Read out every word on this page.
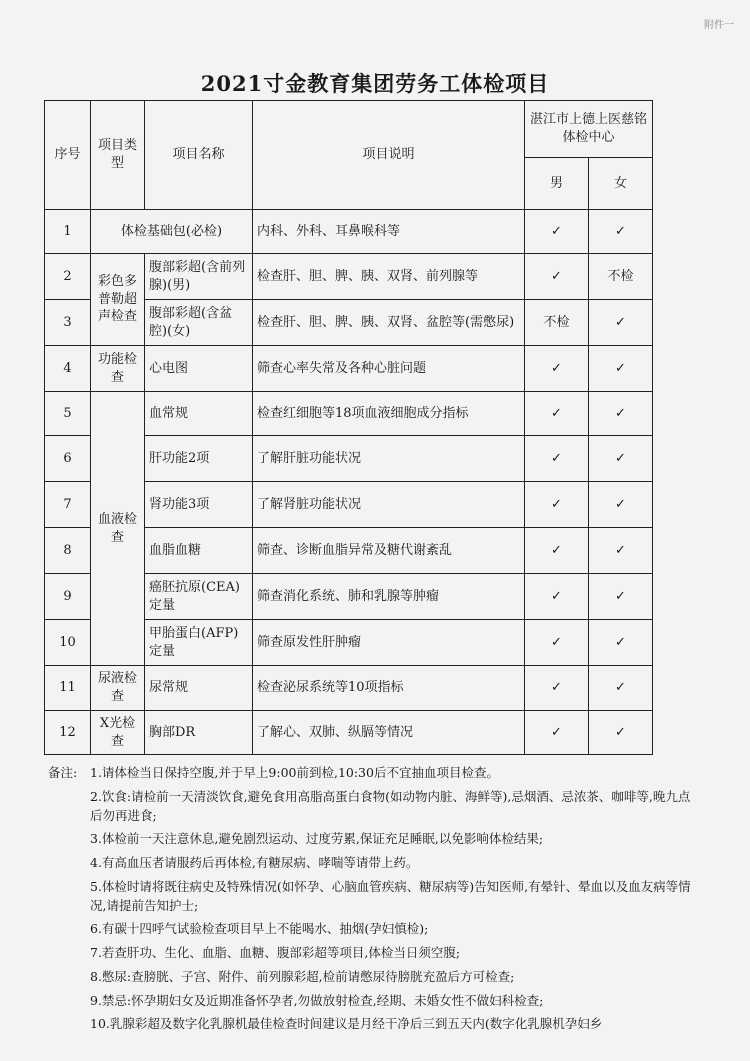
附件一
2021寸金教育集团劳务工体检项目
序号	项目类型	项目名称	项目说明	湛江市上德上医慈铭体检中心	
				男	女
1	体检基础包(必检)		内科、外科、耳鼻喉科等	✓	✓
2	彩色多普勒超声检查	腹部彩超(含前列腺)(男)	检查肝、胆、脾、胰、双肾、前列腺等	✓	不检
3		腹部彩超(含盆腔)(女)	检查肝、胆、脾、胰、双肾、盆腔等(需憋尿)	不检	✓
4	功能检查	心电图	筛查心率失常及各种心脏问题	✓	✓
5	血液检查	血常规	检查红细胞等18项血液细胞成分指标	✓	✓
6		肝功能2项	了解肝脏功能状况	✓	✓
7		肾功能3项	了解肾脏功能状况	✓	✓
8		血脂血糖	筛查、诊断血脂异常及糖代谢紊乱	✓	✓
9		癌胚抗原(CEA)定量	筛查消化系统、肺和乳腺等肿瘤	✓	✓
10		甲胎蛋白(AFP)定量	筛查原发性肝肿瘤	✓	✓
11	尿液检查	尿常规	检查泌尿系统等10项指标	✓	✓
12	X光检查	胸部DR	了解心、双肺、纵膈等情况	✓	✓
备注:	1.请体检当日保持空腹,并于早上9:00前到检,10:30后不宜抽血项目检查。
2.饮食:请检前一天清淡饮食,避免食用高脂高蛋白食物(如动物内脏、海鲜等),忌烟酒、忌浓茶、咖啡等,晚九点后勿再进食;
3.体检前一天注意休息,避免剧烈运动、过度劳累,保证充足睡眠,以免影响体检结果;
4.有高血压者请服药后再体检,有糖尿病、哮喘等请带上药。
5.体检时请将既往病史及特殊情况(如怀孕、心脑血管疾病、糖尿病等)告知医师,有晕针、晕血以及血友病等情况,请提前告知护士;
6.有碳十四呼气试验检查项目早上不能喝水、抽烟(孕妇慎检);
7.若查肝功、生化、血脂、血糖、腹部彩超等项目,体检当日须空腹;
8.憋尿:查膀胱、子宫、附件、前列腺彩超,检前请憋尿待膀胱充盈后方可检查;
9.禁忌:怀孕期妇女及近期准备怀孕者,勿做放射检查,经期、未婚女性不做妇科检查;
10.乳腺彩超及数字化乳腺机最佳检查时间建议是月经干净后三到五天内(数字化乳腺机孕妇乡
